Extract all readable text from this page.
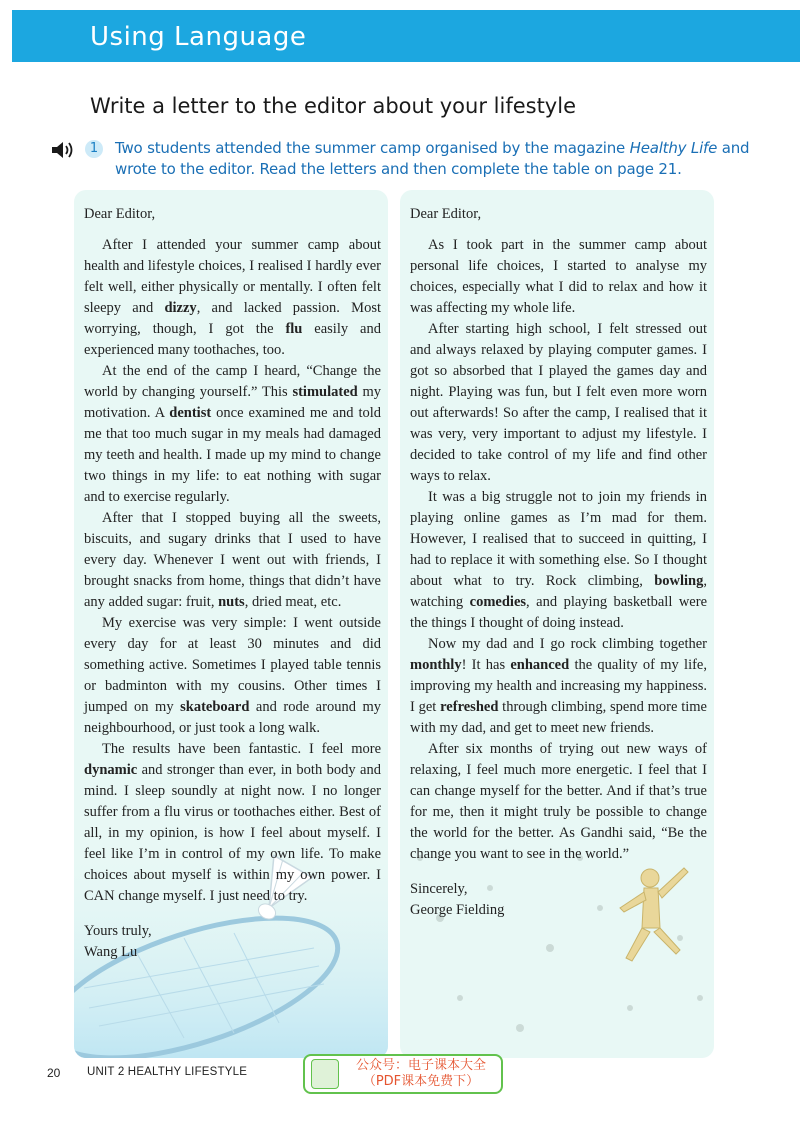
Using Language
Write a letter to the editor about your lifestyle
1	Two students attended the summer camp organised by the magazine Healthy Life and wrote to the editor. Read the letters and then complete the table on page 21.

Dear Editor,

After I attended your summer camp about health and lifestyle choices, I realised I hardly ever felt well, either physically or mentally. I often felt sleepy and dizzy, and lacked passion. Most worrying, though, I got the flu easily and experienced many toothaches, too.

At the end of the camp I heard, “Change the world by changing yourself.” This stimulated my motivation. A dentist once examined me and told me that too much sugar in my meals had damaged my teeth and health. I made up my mind to change two things in my life: to eat nothing with sugar and to exercise regularly.

After that I stopped buying all the sweets, biscuits, and sugary drinks that I used to have every day. Whenever I went out with friends, I brought snacks from home, things that didn’t have any added sugar: fruit, nuts, dried meat, etc.

My exercise was very simple: I went outside every day for at least 30 minutes and did something active. Sometimes I played table tennis or badminton with my cousins. Other times I jumped on my skateboard and rode around my neighbourhood, or just took a long walk.

The results have been fantastic. I feel more dynamic and stronger than ever, in both body and mind. I sleep soundly at night now. I no longer suffer from a flu virus or toothaches either. Best of all, in my opinion, is how I feel about myself. I feel like I’m in control of my own life. To make choices about myself is within my own power. I CAN change myself. I just need to try.

Yours truly,

Wang Lu

Dear Editor,

As I took part in the summer camp about personal life choices, I started to analyse my choices, especially what I did to relax and how it was affecting my whole life.

After starting high school, I felt stressed out and always relaxed by playing computer games. I got so absorbed that I played the games day and night. Playing was fun, but I felt even more worn out afterwards! So after the camp, I realised that it was very, very important to adjust my lifestyle. I decided to take control of my life and find other ways to relax.

It was a big struggle not to join my friends in playing online games as I’m mad for them. However, I realised that to succeed in quitting, I had to replace it with something else. So I thought about what to try. Rock climbing, bowling, watching comedies, and playing basketball were the things I thought of doing instead.

Now my dad and I go rock climbing together monthly! It has enhanced the quality of my life, improving my health and increasing my happiness. I get refreshed through climbing, spend more time with my dad, and get to meet new friends.

After six months of trying out new ways of relaxing, I feel much more energetic. I feel that I can change myself for the better. And if that’s true for me, then it might truly be possible to change the world for the better. As Gandhi said, “Be the change you want to see in the world.”

Sincerely,

George Fielding

20 UNIT 2 HEALTHY LIFESTYLE	公众号：电子课本大全
（PDF课本免费下）
